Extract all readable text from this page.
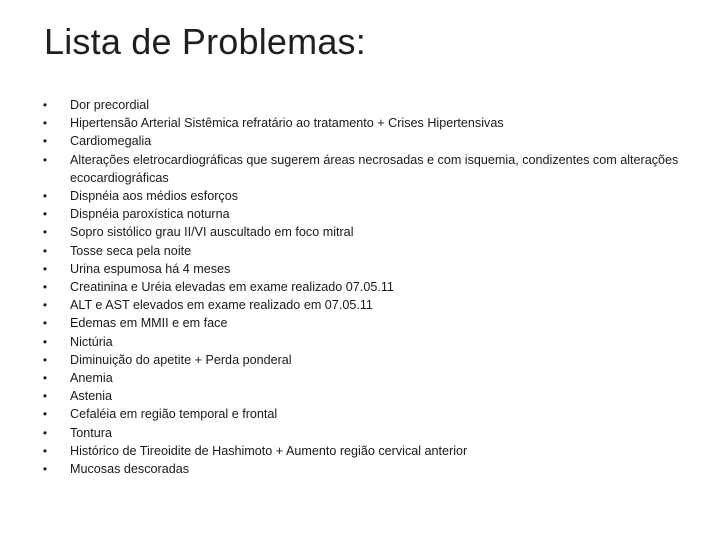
Lista de Problemas:
• Dor precordial
• Hipertensão Arterial Sistêmica refratário ao tratamento + Crises Hipertensivas
• Cardiomegalia
• Alterações eletrocardiográficas que sugerem áreas necrosadas e com isquemia, condizentes com alterações ecocardiográficas
• Dispnéia aos médios esforços
• Dispnéia paroxística noturna
• Sopro sistólico grau II/VI auscultado em foco mitral
• Tosse seca pela noite
• Urina espumosa há 4 meses
• Creatinina e Uréia elevadas em exame realizado 07.05.11
• ALT e AST elevados em exame realizado em 07.05.11
• Edemas em MMII e em face
• Nictúria
• Diminuição do apetite + Perda ponderal
• Anemia
• Astenia
• Cefaléia em região temporal e frontal
• Tontura
• Histórico de Tireoidite de Hashimoto + Aumento região cervical anterior
• Mucosas descoradas
